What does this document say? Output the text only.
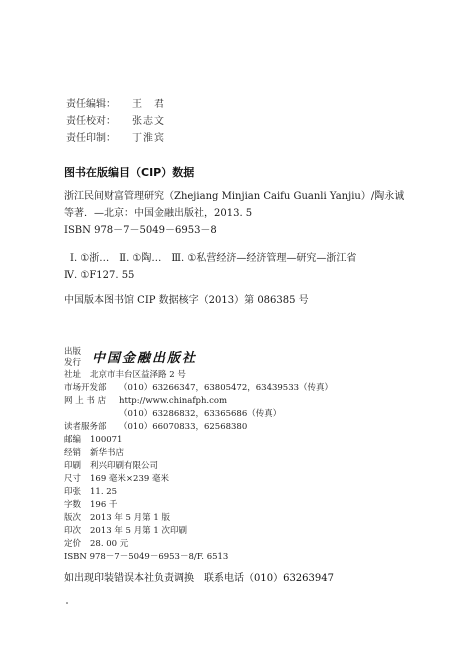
责任编辑：	王　君
责任校对：	张志文
责任印制：	丁淮宾
图书在版编目（CIP）数据
浙江民间财富管理研究（Zhejiang Minjian Caifu Guanli Yanjiu）/陶永诚
等著．—北京：中国金融出版社，2013. 5
ISBN 978－7－5049－6953－8
Ⅰ. ①浙…　Ⅱ. ①陶…　Ⅲ. ①私营经济—经济管理—研究—浙江省
Ⅳ. ①F127. 55
中国版本图书馆 CIP 数据核字（2013）第 086385 号
出版
发行 中国金融出版社
社址	北京市丰台区益泽路 2 号
市场开发部	（010）63266347，63805472，63439533（传真）
网 上 书 店	http://www.chinafph.com
（010）63286832，63365686（传真）
读者服务部	（010）66070833，62568380
邮编	100071
经销	新华书店
印刷	利兴印刷有限公司
尺寸	169 毫米×239 毫米
印张	11. 25
字数	196 千
版次	2013 年 5 月第 1 版
印次	2013 年 5 月第 1 次印刷
定价	28. 00 元
ISBN 978－7－5049－6953－8/F. 6513
如出现印装错误本社负责调换　联系电话（010）63263947
